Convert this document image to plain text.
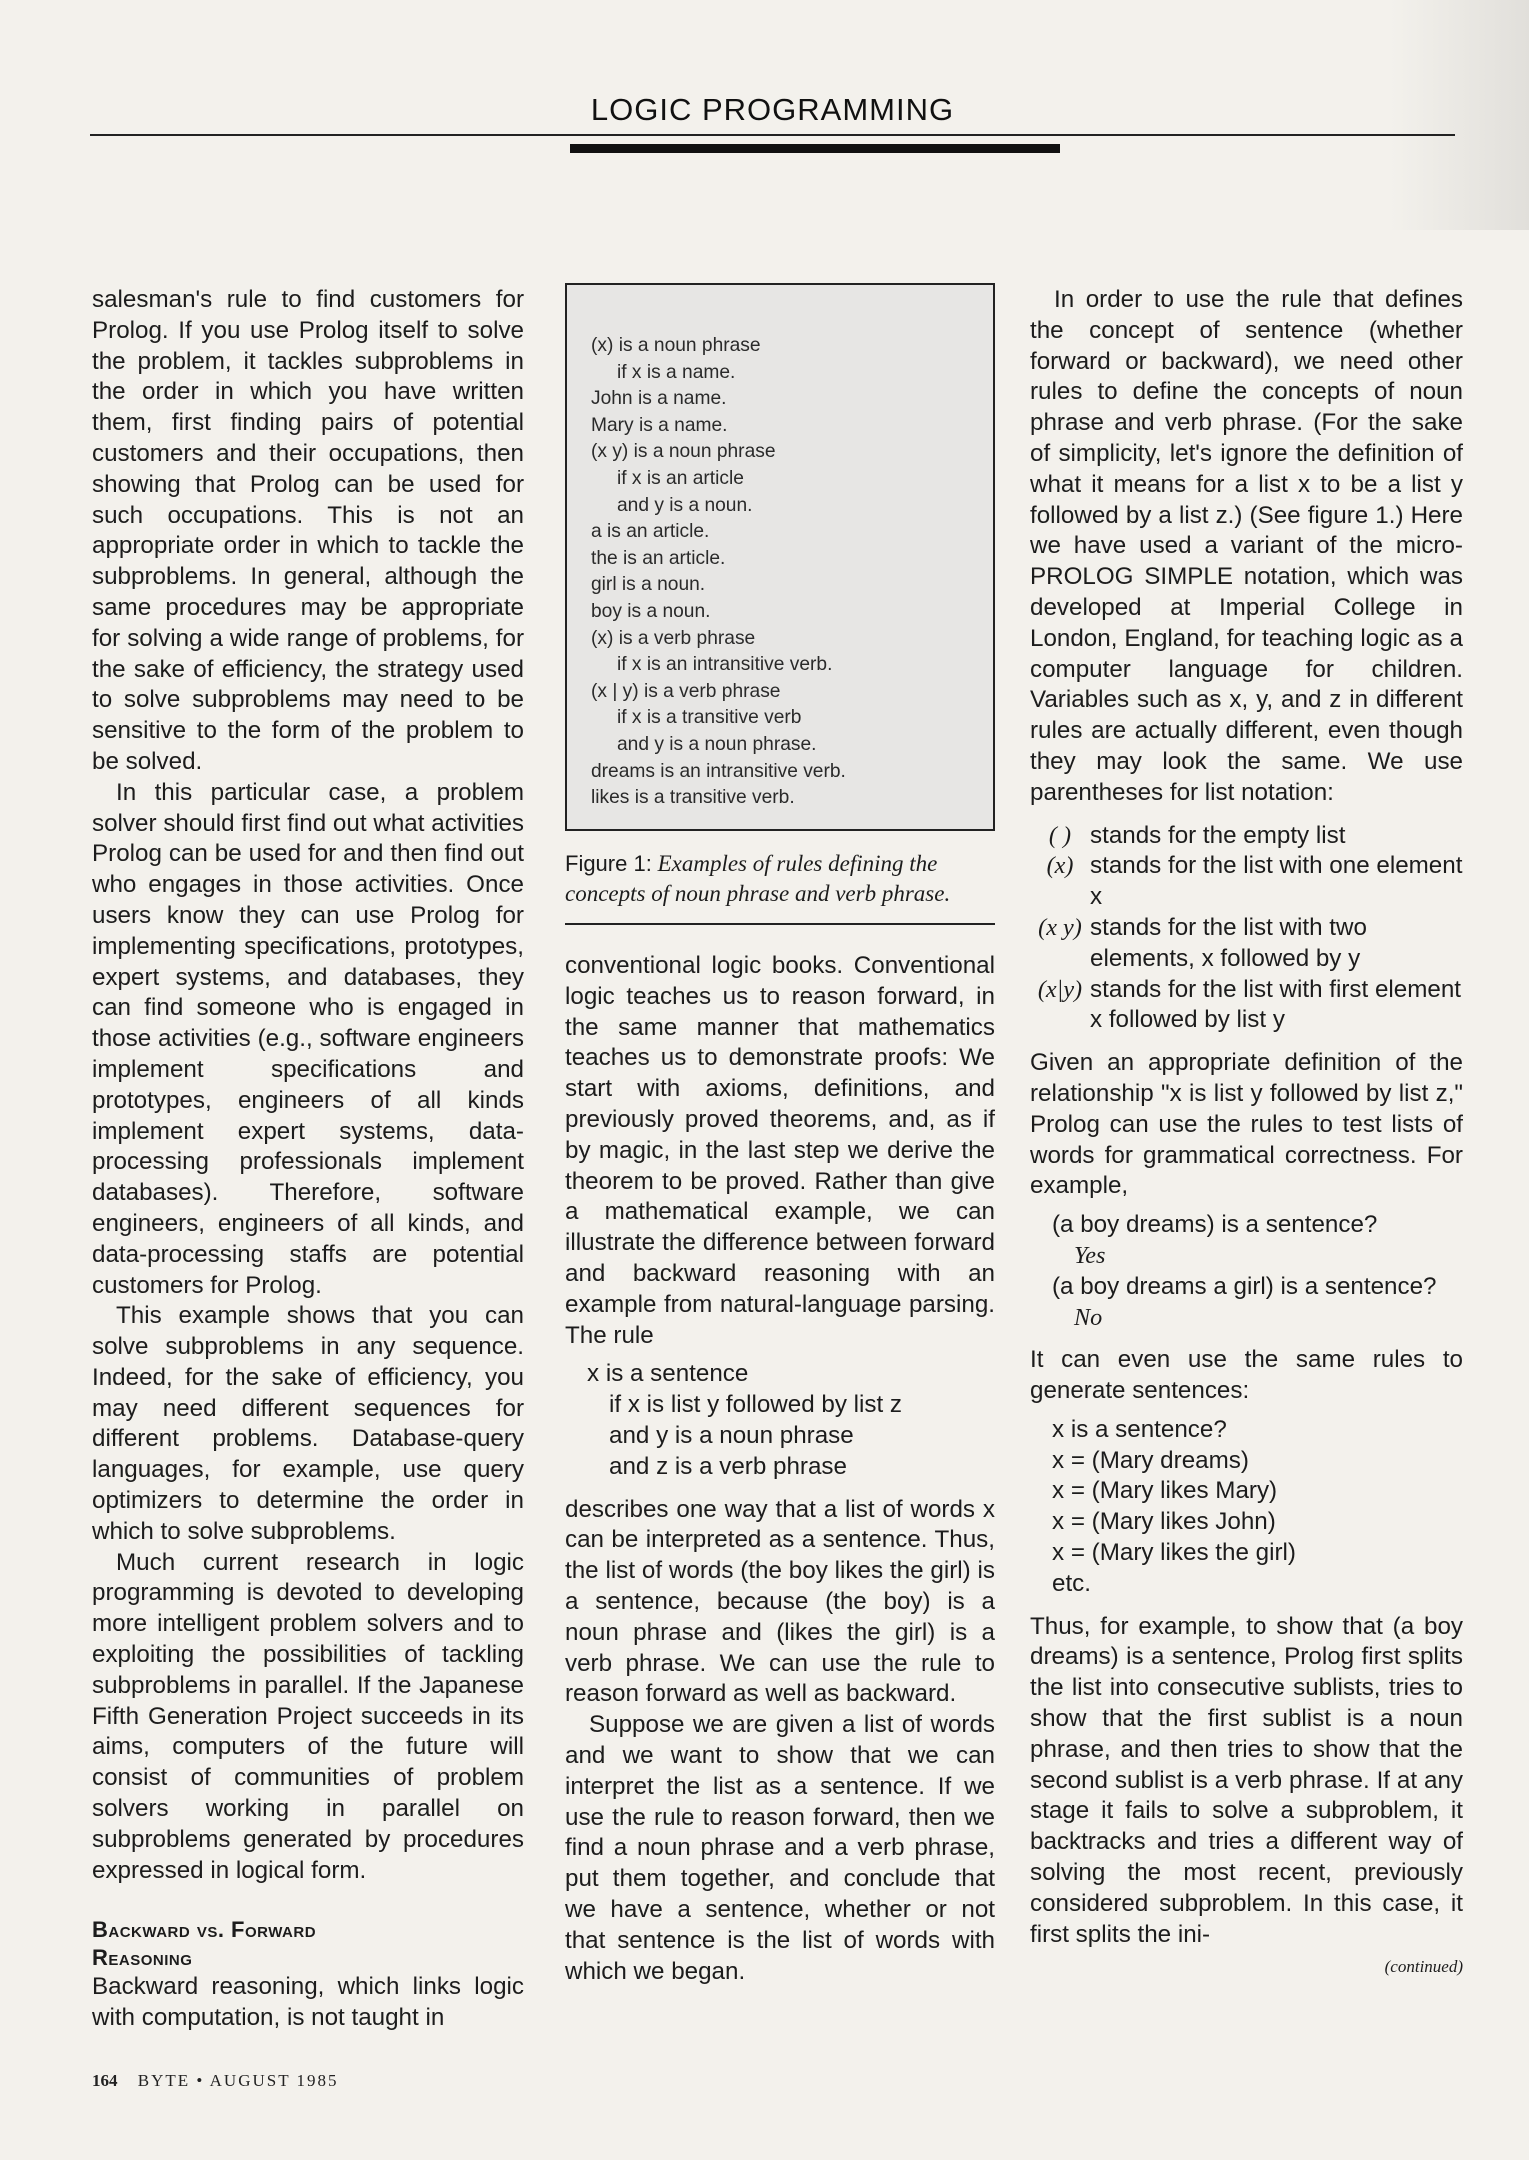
LOGIC PROGRAMMING

salesman's rule to find customers for Prolog. If you use Prolog itself to solve the problem, it tackles subproblems in the order in which you have written them, first finding pairs of potential customers and their occupations, then showing that Prolog can be used for such occupations. This is not an appropriate order in which to tackle the subproblems. In general, although the same procedures may be appropriate for solving a wide range of problems, for the sake of efficiency, the strategy used to solve subproblems may need to be sensitive to the form of the problem to be solved.

In this particular case, a problem solver should first find out what activities Prolog can be used for and then find out who engages in those activities. Once users know they can use Prolog for implementing specifications, prototypes, expert systems, and databases, they can find someone who is engaged in those activities (e.g., software engineers implement specifications and prototypes, engineers of all kinds implement expert systems, data-processing professionals implement databases). Therefore, software engineers, engineers of all kinds, and data-processing staffs are potential customers for Prolog.

This example shows that you can solve subproblems in any sequence. Indeed, for the sake of efficiency, you may need different sequences for different problems. Database-query languages, for example, use query optimizers to determine the order in which to solve subproblems.

Much current research in logic programming is devoted to developing more intelligent problem solvers and to exploiting the possibilities of tackling subproblems in parallel. If the Japanese Fifth Generation Project succeeds in its aims, computers of the future will consist of communities of problem solvers working in parallel on subproblems generated by procedures expressed in logical form.

Backward vs. Forward
Reasoning

Backward reasoning, which links logic with computation, is not taught in

(x) is a noun phrase
if x is a name.
John is a name.
Mary is a name.
(x y) is a noun phrase
if x is an article
and y is a noun.
a is an article.
the is an article.
girl is a noun.
boy is a noun.
(x) is a verb phrase
if x is an intransitive verb.
(x | y) is a verb phrase
if x is a transitive verb
and y is a noun phrase.
dreams is an intransitive verb.
likes is a transitive verb.
Figure 1: Examples of rules defining the concepts of noun phrase and verb phrase.

conventional logic books. Conventional logic teaches us to reason forward, in the same manner that mathematics teaches us to demonstrate proofs: We start with axioms, definitions, and previously proved theorems, and, as if by magic, in the last step we derive the theorem to be proved. Rather than give a mathematical example, we can illustrate the difference between forward and backward reasoning with an example from natural-language parsing. The rule

x is a sentence
if x is list y followed by list z
and y is a noun phrase
and z is a verb phrase

describes one way that a list of words x can be interpreted as a sentence. Thus, the list of words (the boy likes the girl) is a sentence, because (the boy) is a noun phrase and (likes the girl) is a verb phrase. We can use the rule to reason forward as well as backward.

Suppose we are given a list of words and we want to show that we can interpret the list as a sentence. If we use the rule to reason forward, then we find a noun phrase and a verb phrase, put them together, and conclude that we have a sentence, whether or not that sentence is the list of words with which we began.

In order to use the rule that defines the concept of sentence (whether forward or backward), we need other rules to define the concepts of noun phrase and verb phrase. (For the sake of simplicity, let's ignore the definition of what it means for a list x to be a list y followed by a list z.) (See figure 1.) Here we have used a variant of the micro-PROLOG SIMPLE notation, which was developed at Imperial College in London, England, for teaching logic as a computer language for children. Variables such as x, y, and z in different rules are actually different, even though they may look the same. We use parentheses for list notation:

( ) stands for the empty list
(x) stands for the list with one element x
(x y) stands for the list with two elements, x followed by y
(x|y) stands for the list with first element x followed by list y

Given an appropriate definition of the relationship "x is list y followed by list z," Prolog can use the rules to test lists of words for grammatical correctness. For example,

(a boy dreams) is a sentence?
Yes
(a boy dreams a girl) is a sentence?
No

It can even use the same rules to generate sentences:

x is a sentence?
x = (Mary dreams)
x = (Mary likes Mary)
x = (Mary likes John)
x = (Mary likes the girl)
etc.

Thus, for example, to show that (a boy dreams) is a sentence, Prolog first splits the list into consecutive sublists, tries to show that the first sublist is a noun phrase, and then tries to show that the second sublist is a verb phrase. If at any stage it fails to solve a subproblem, it backtracks and tries a different way of solving the most recent, previously considered subproblem. In this case, it first splits the ini-

(continued)
164 BYTE • AUGUST 1985
